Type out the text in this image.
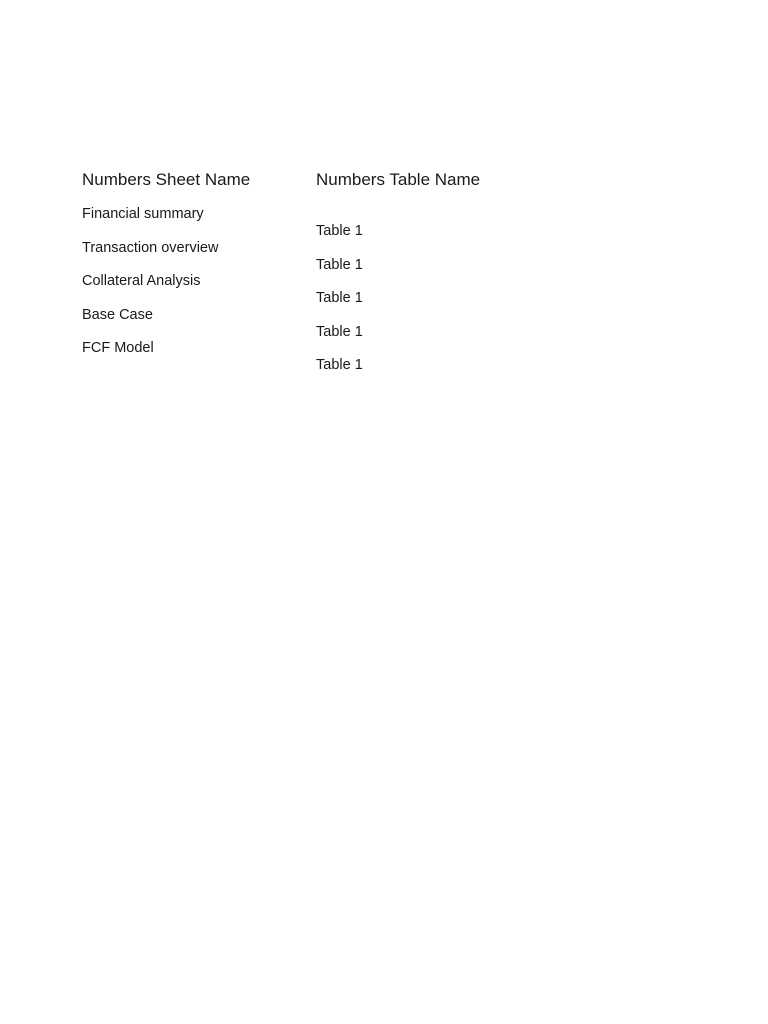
Numbers Sheet Name
Financial summary
Transaction overview
Collateral Analysis
Base Case
FCF Model
Numbers Table Name
Table 1
Table 1
Table 1
Table 1
Table 1
